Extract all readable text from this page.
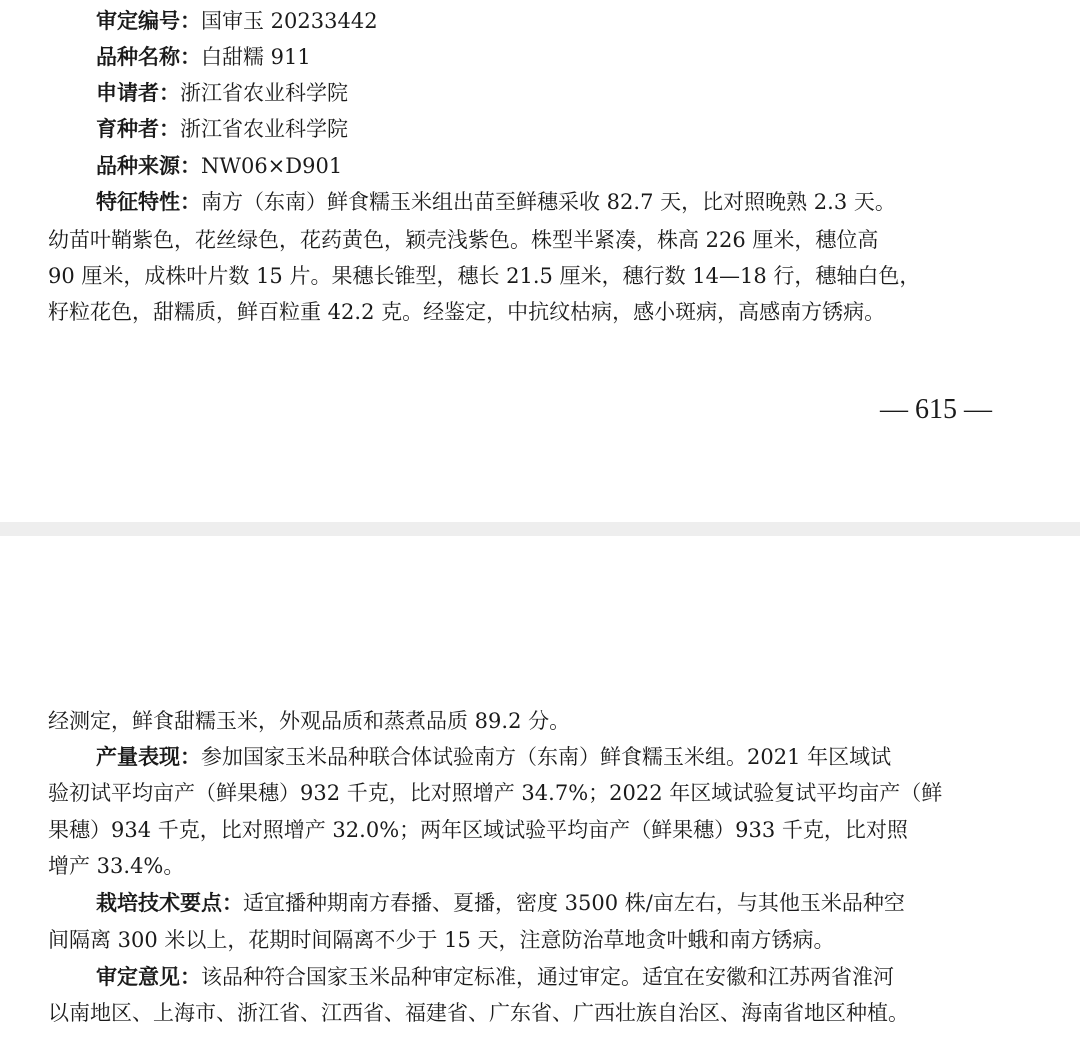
审定编号：国审玉 20233442
品种名称：白甜糯 911
申请者：浙江省农业科学院
育种者：浙江省农业科学院
品种来源：NW06×D901
特征特性：南方（东南）鲜食糯玉米组出苗至鲜穗采收 82.7 天，比对照晚熟 2.3 天。
幼苗叶鞘紫色，花丝绿色，花药黄色，颖壳浅紫色。株型半紧凑，株高 226 厘米，穗位高
90 厘米，成株叶片数 15 片。果穗长锥型，穗长 21.5 厘米，穗行数 14—18 行，穗轴白色，
籽粒花色，甜糯质，鲜百粒重 42.2 克。经鉴定，中抗纹枯病，感小斑病，高感南方锈病。
— 615 —
经测定，鲜食甜糯玉米，外观品质和蒸煮品质 89.2 分。
产量表现：参加国家玉米品种联合体试验南方（东南）鲜食糯玉米组。2021 年区域试
验初试平均亩产（鲜果穗）932 千克，比对照增产 34.7%；2022 年区域试验复试平均亩产（鲜
果穗）934 千克，比对照增产 32.0%；两年区域试验平均亩产（鲜果穗）933 千克，比对照
增产 33.4%。
栽培技术要点：适宜播种期南方春播、夏播，密度 3500 株/亩左右，与其他玉米品种空
间隔离 300 米以上，花期时间隔离不少于 15 天，注意防治草地贪叶蛾和南方锈病。
审定意见：该品种符合国家玉米品种审定标准，通过审定。适宜在安徽和江苏两省淮河
以南地区、上海市、浙江省、江西省、福建省、广东省、广西壮族自治区、海南省地区种植。
